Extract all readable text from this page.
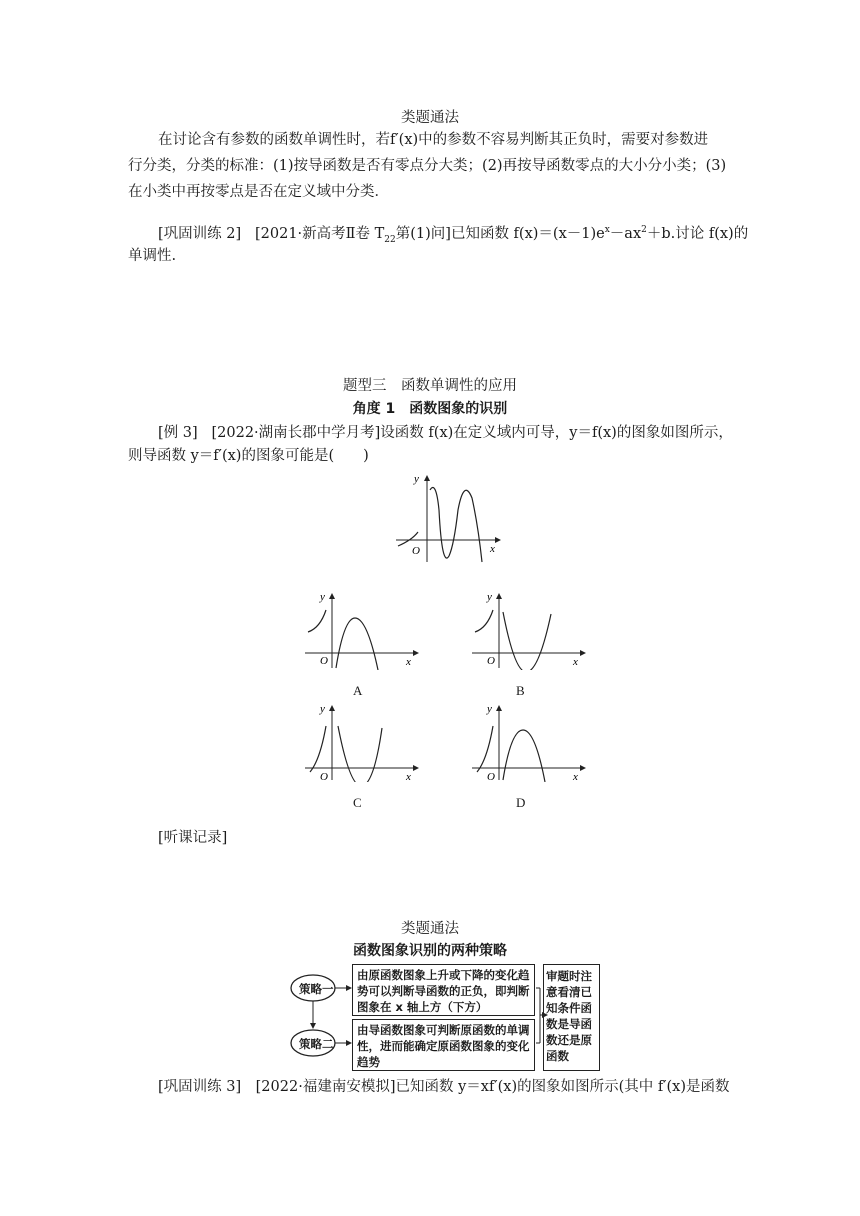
类题通法
在讨论含有参数的函数单调性时，若f′(x)中的参数不容易判断其正负时，需要对参数进
行分类，分类的标准：(1)按导函数是否有零点分大类；(2)再按导函数零点的大小分小类；(3)
在小类中再按零点是否在定义域中分类．
[巩固训练 2] [2021·新高考Ⅱ卷 $T_{22}$第(1)问]已知函数 $f(x)=(x-1)e^x-ax^2+b$.讨论 f(x)的
单调性.
题型三　函数单调性的应用
角度 1　函数图象的识别
[例 3] [2022·湖南长郡中学月考]设函数 f(x)在定义域内可导，y＝f(x)的图象如图所示，
则导函数 y＝f′(x)的图象可能是(　　)
y
x
O
y
x
O
A
y
x
O
B
y
x
O
C
y
x
O
D
[听课记录]
类题通法
函数图象识别的两种策略
策略一
策略二
由原函数图象上升或下降的变化趋势可以判断导函数的正负，即判断图象在 x 轴上方（下方）
由导函数图象可判断原函数的单调性，进而能确定原函数图象的变化趋势
审题时注意看清已知条件函数是导函数还是原函数
[巩固训练 3]　[2022·福建南安模拟]已知函数 y＝xf′(x)的图象如图所示(其中 f′(x)是函数
